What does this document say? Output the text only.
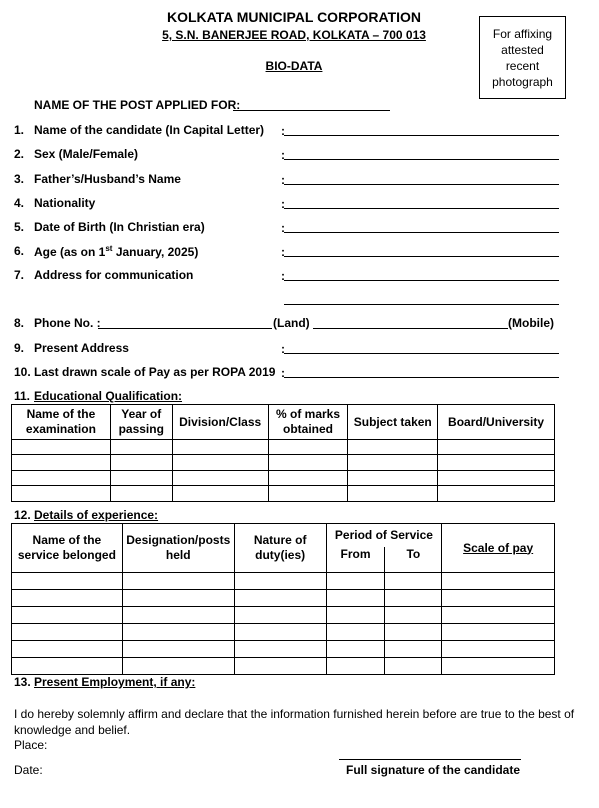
KOLKATA MUNICIPAL CORPORATION
5, S.N. BANERJEE ROAD, KOLKATA – 700 013
BIO-DATA
For affixing
attested
recent
photograph
NAME OF THE POST APPLIED FOR:
1. Name of the candidate (In Capital Letter) :
2. Sex (Male/Female)	:
3. Father’s/Husband’s Name	:
4. Nationality	:
5. Date of Birth (In Christian era)	:
6. Age (as on 1st January, 2025)	:
7. Address for communication	:
8. Phone No. :	(Land)	(Mobile)
9. Present Address	:
10. Last drawn scale of Pay as per ROPA 2019 :
11. Educational Qualification:
Name of the examination	Year of passing	Division/Class	% of marks obtained	Subject taken	Board/University

12. Details of experience:
Name of the service belonged	Designation/posts held	Nature of duty(ies)	Period of Service		Scale of pay
			From	To	

13. Present Employment, if any:
I do hereby solemnly affirm and declare that the information furnished herein before are true to the best of knowledge and belief.
Place:
Date:	Full signature of the candidate
